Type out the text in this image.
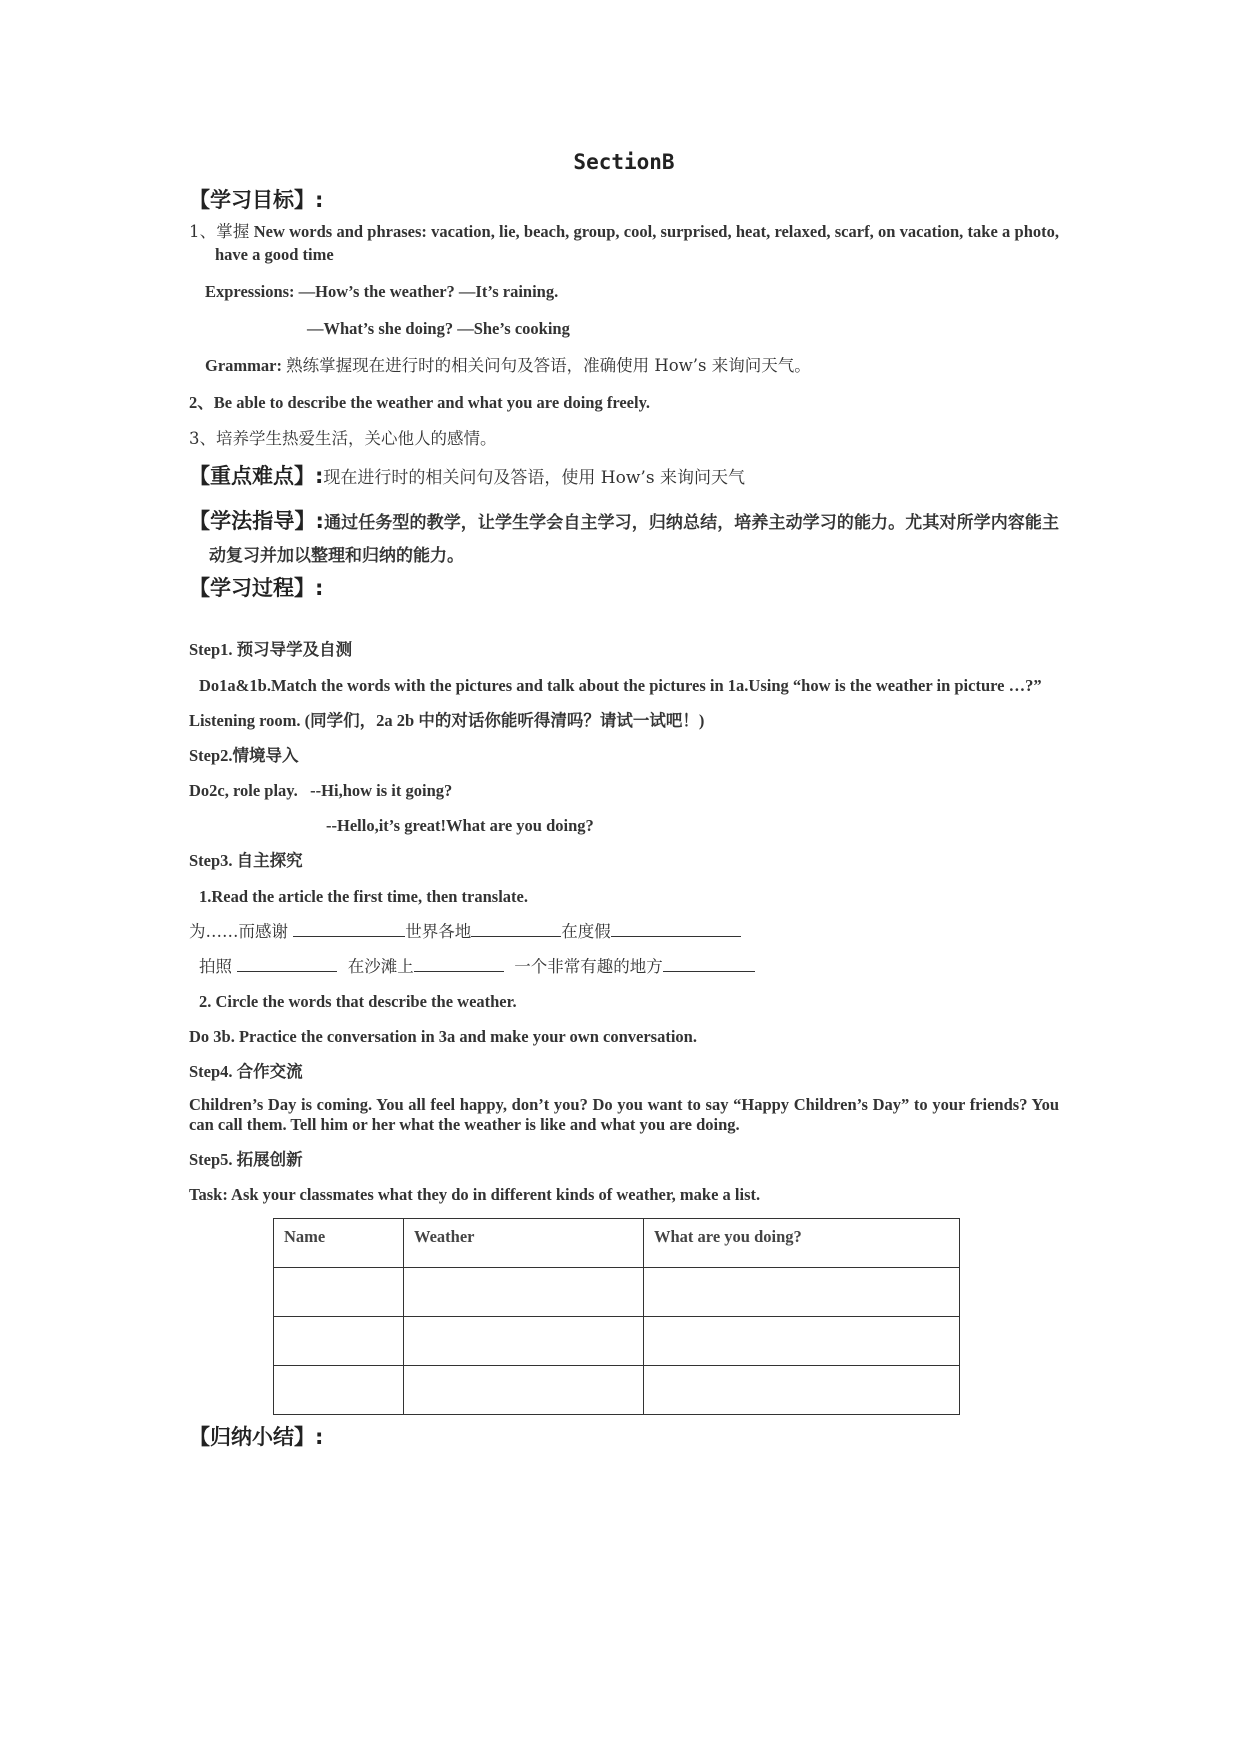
SectionB
【学习目标】:

1、掌握 New words and phrases: vacation, lie, beach, group, cool, surprised, heat, relaxed, scarf, on vacation, take a photo, have a good time

Expressions: —How’s the weather? —It’s raining.

—What’s she doing? —She’s cooking

Grammar: 熟练掌握现在进行时的相关问句及答语，准确使用 How’s 来询问天气。

2、Be able to describe the weather and what you are doing freely.

3、培养学生热爱生活，关心他人的感情。

【重点难点】:现在进行时的相关问句及答语，使用 How’s 来询问天气
【学法指导】:通过任务型的教学，让学生学会自主学习，归纳总结，培养主动学习的能力。尤其对所学内容能主动复习并加以整理和归纳的能力。
【学习过程】:

Step1. 预习导学及自测

Do1a&1b.Match the words with the pictures and talk about the pictures in 1a.Using “how is the weather in picture …?”

Listening room. (同学们，2a 2b 中的对话你能听得清吗？请试一试吧！)

Step2.情境导入

Do2c, role play. --Hi,how is it going?

--Hello,it’s great!What are you doing?

Step3. 自主探究

1.Read the article the first time, then translate.

为……而感谢	世界各地	在度假

拍照	在沙滩上	一个非常有趣的地方

2. Circle the words that describe the weather.

Do 3b. Practice the conversation in 3a and make your own conversation.

Step4. 合作交流

Children’s Day is coming. You all feel happy, don’t you? Do you want to say “Happy Children’s Day” to your friends? You can call them. Tell him or her what the weather is like and what you are doing.

Step5. 拓展创新

Task: Ask your classmates what they do in different kinds of weather, make a list.

Name	Weather	What are you doing?

【归纳小结】:
